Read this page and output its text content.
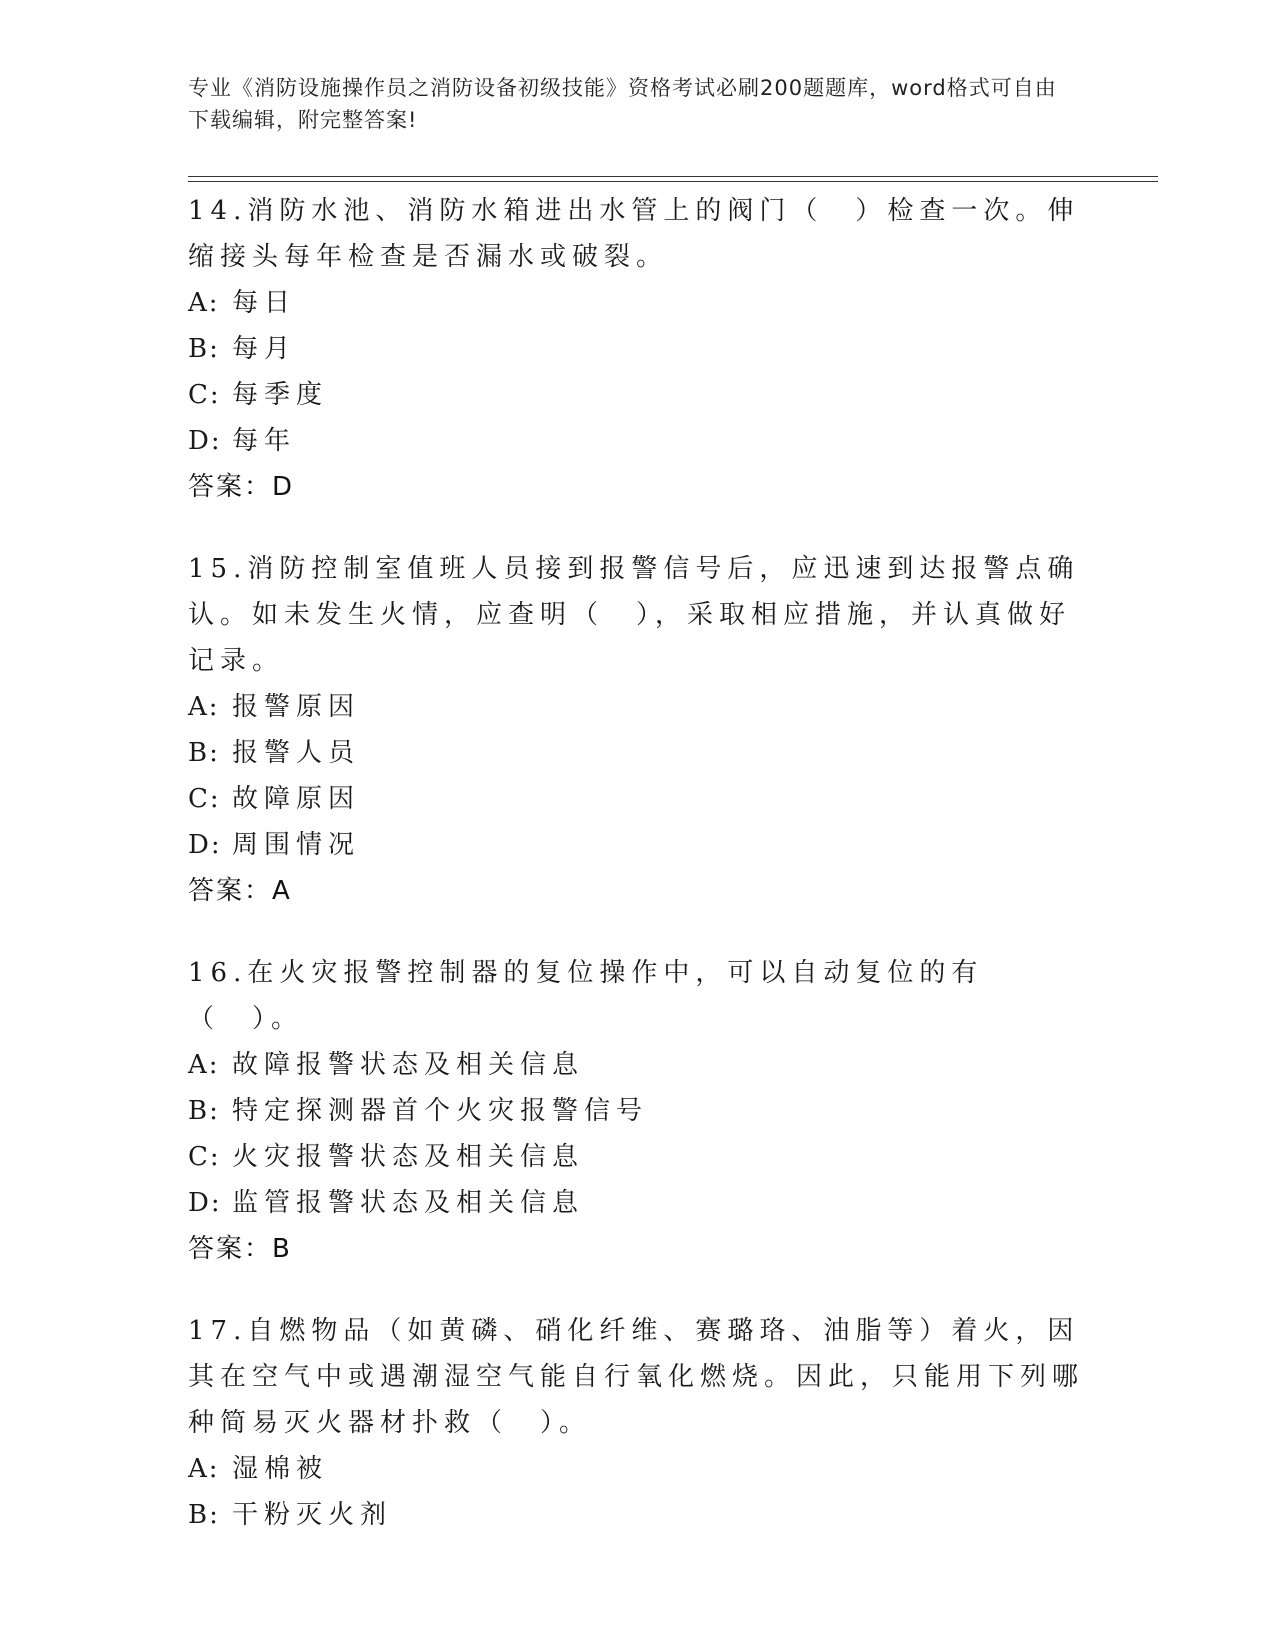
专业《消防设施操作员之消防设备初级技能》资格考试必刷200题题库，word格式可自由下载编辑，附完整答案!
14.消防水池、消防水箱进出水管上的阀门（　）检查一次。伸缩接头每年检查是否漏水或破裂。
A: 每日
B: 每月
C: 每季度
D: 每年
答案：D
15.消防控制室值班人员接到报警信号后，应迅速到达报警点确认。如未发生火情，应查明（　），采取相应措施，并认真做好记录。
A: 报警原因
B: 报警人员
C: 故障原因
D: 周围情况
答案：A
16.在火灾报警控制器的复位操作中，可以自动复位的有（　）。
A: 故障报警状态及相关信息
B: 特定探测器首个火灾报警信号
C: 火灾报警状态及相关信息
D: 监管报警状态及相关信息
答案：B
17.自燃物品（如黄磷、硝化纤维、赛璐珞、油脂等）着火，因其在空气中或遇潮湿空气能自行氧化燃烧。因此，只能用下列哪种简易灭火器材扑救（　）。
A: 湿棉被
B: 干粉灭火剂
